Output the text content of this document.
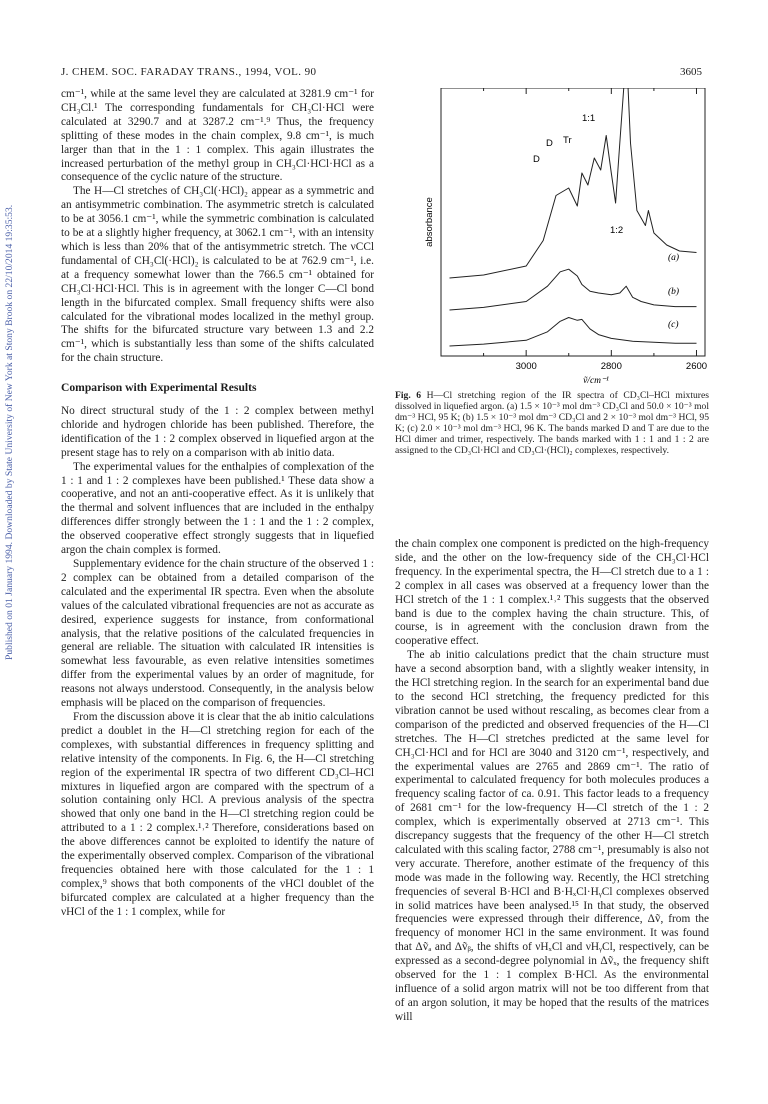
Published on 01 January 1994. Downloaded by State University of New York at Stony Brook on 22/10/2014 19:35:53.
J. CHEM. SOC. FARADAY TRANS., 1994, VOL. 90	3605

cm⁻¹, while at the same level they are calculated at 3281.9 cm⁻¹ for CH₃Cl.¹ The corresponding fundamentals for CH₃Cl·HCl were calculated at 3290.7 and at 3287.2 cm⁻¹.⁹ Thus, the frequency splitting of these modes in the chain complex, 9.8 cm⁻¹, is much larger than that in the 1 : 1 complex. This again illustrates the increased perturbation of the methyl group in CH₃Cl·HCl·HCl as a consequence of the cyclic nature of the structure.

The H—Cl stretches of CH₃Cl(·HCl)₂ appear as a symmetric and an antisymmetric combination. The asymmetric stretch is calculated to be at 3056.1 cm⁻¹, while the symmetric combination is calculated to be at a slightly higher frequency, at 3062.1 cm⁻¹, with an intensity which is less than 20% that of the antisymmetric stretch. The νCCl fundamental of CH₃Cl(·HCl)₂ is calculated to be at 762.9 cm⁻¹, i.e. at a frequency somewhat lower than the 766.5 cm⁻¹ obtained for CH₃Cl·HCl·HCl. This is in agreement with the longer C—Cl bond length in the bifurcated complex. Small frequency shifts were also calculated for the vibrational modes localized in the methyl group. The shifts for the bifurcated structure vary between 1.3 and 2.2 cm⁻¹, which is substantially less than some of the shifts calculated for the chain structure.

Comparison with Experimental Results

No direct structural study of the 1 : 2 complex between methyl chloride and hydrogen chloride has been published. Therefore, the identification of the 1 : 2 complex observed in liquefied argon at the present stage has to rely on a comparison with ab initio data.

The experimental values for the enthalpies of complexation of the 1 : 1 and 1 : 2 complexes have been published.¹ These data show a cooperative, and not an anti-cooperative effect. As it is unlikely that the thermal and solvent influences that are included in the enthalpy differences differ strongly between the 1 : 1 and the 1 : 2 complex, the observed cooperative effect strongly suggests that in liquefied argon the chain complex is formed.

Supplementary evidence for the chain structure of the observed 1 : 2 complex can be obtained from a detailed comparison of the calculated and the experimental IR spectra. Even when the absolute values of the calculated vibrational frequencies are not as accurate as desired, experience suggests for instance, from conformational analysis, that the relative positions of the calculated frequencies in general are reliable. The situation with calculated IR intensities is somewhat less favourable, as even relative intensities sometimes differ from the experimental values by an order of magnitude, for reasons not always understood. Consequently, in the analysis below emphasis will be placed on the comparison of frequencies.

From the discussion above it is clear that the ab initio calculations predict a doublet in the H—Cl stretching region for each of the complexes, with substantial differences in frequency splitting and relative intensity of the components. In Fig. 6, the H—Cl stretching region of the experimental IR spectra of two different CD₃Cl–HCl mixtures in liquefied argon are compared with the spectrum of a solution containing only HCl. A previous analysis of the spectra showed that only one band in the H—Cl stretching region could be attributed to a 1 : 2 complex.¹˒² Therefore, considerations based on the above differences cannot be exploited to identify the nature of the experimentally observed complex. Comparison of the vibrational frequencies obtained here with those calculated for the 1 : 1 complex,⁹ shows that both components of the νHCl doublet of the bifurcated complex are calculated at a higher frequency than the νHCl of the 1 : 1 complex, while for

absorbance
3000	2800	2600
ṽ/cm⁻¹
1:1
D Tr
D
1:2
(a)
(b)
(c)
Fig. 6 H—Cl stretching region of the IR spectra of CD₃Cl–HCl mixtures dissolved in liquefied argon. (a) 1.5 × 10⁻³ mol dm⁻³ CD₃Cl and 50.0 × 10⁻³ mol dm⁻³ HCl, 95 K; (b) 1.5 × 10⁻³ mol dm⁻³ CD₃Cl and 2 × 10⁻³ mol dm⁻³ HCl, 95 K; (c) 2.0 × 10⁻³ mol dm⁻³ HCl, 96 K. The bands marked D and T are due to the HCl dimer and trimer, respectively. The bands marked with 1 : 1 and 1 : 2 are assigned to the CD₃Cl·HCl and CD₃Cl·(HCl)₂ complexes, respectively.

the chain complex one component is predicted on the high-frequency side, and the other on the low-frequency side of the CH₃Cl·HCl frequency. In the experimental spectra, the H—Cl stretch due to a 1 : 2 complex in all cases was observed at a frequency lower than the HCl stretch of the 1 : 1 complex.¹˒² This suggests that the observed band is due to the complex having the chain structure. This, of course, is in agreement with the conclusion drawn from the cooperative effect.

The ab initio calculations predict that the chain structure must have a second absorption band, with a slightly weaker intensity, in the HCl stretching region. In the search for an experimental band due to the second HCl stretching, the frequency predicted for this vibration cannot be used without rescaling, as becomes clear from a comparison of the predicted and observed frequencies of the H—Cl stretches. The H—Cl stretches predicted at the same level for CH₃Cl·HCl and for HCl are 3040 and 3120 cm⁻¹, respectively, and the experimental values are 2765 and 2869 cm⁻¹. The ratio of experimental to calculated frequency for both molecules produces a frequency scaling factor of ca. 0.91. This factor leads to a frequency of 2681 cm⁻¹ for the low-frequency H—Cl stretch of the 1 : 2 complex, which is experimentally observed at 2713 cm⁻¹. This discrepancy suggests that the frequency of the other H—Cl stretch calculated with this scaling factor, 2788 cm⁻¹, presumably is also not very accurate. Therefore, another estimate of the frequency of this mode was made in the following way. Recently, the HCl stretching frequencies of several B·HCl and B·HₓCl·HᵧCl complexes observed in solid matrices have been analysed.¹⁵ In that study, the observed frequencies were expressed through their difference, Δṽ, from the frequency of monomer HCl in the same environment. It was found that Δṽₐ and Δṽᵦ, the shifts of νHₓCl and νHᵧCl, respectively, can be expressed as a second-degree polynomial in Δṽₓ, the frequency shift observed for the 1 : 1 complex B·HCl. As the environmental influence of a solid argon matrix will not be too different from that of an argon solution, it may be hoped that the results of the matrices will
